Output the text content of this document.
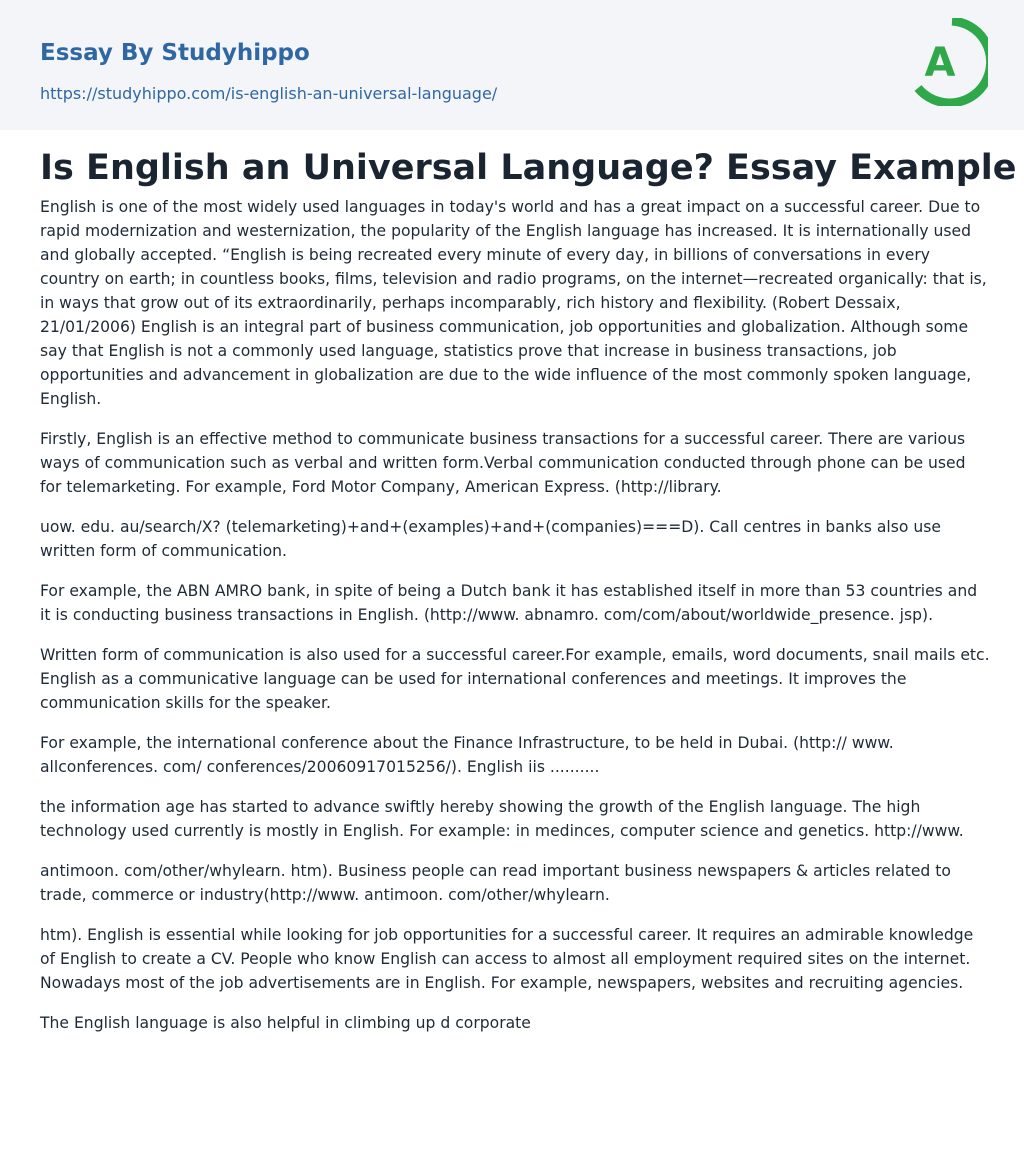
Essay By Studyhippo
https://studyhippo.com/is-english-an-universal-language/
A
Is English an Universal Language? Essay Example

English is one of the most widely used languages in today's world and has a great impact on a successful career. Due to rapid modernization and westernization, the popularity of the English language has increased. It is internationally used and globally accepted. “English is being recreated every minute of every day, in billions of conversations in every country on earth; in countless books, films, television and radio programs, on the internet—recreated organically: that is, in ways that grow out of its extraordinarily, perhaps incomparably, rich history and flexibility. (Robert Dessaix, 21/01/2006) English is an integral part of business communication, job opportunities and globalization. Although some say that English is not a commonly used language, statistics prove that increase in business transactions, job opportunities and advancement in globalization are due to the wide influence of the most commonly spoken language, English.

Firstly, English is an effective method to communicate business transactions for a successful career. There are various ways of communication such as verbal and written form.Verbal communication conducted through phone can be used for telemarketing. For example, Ford Motor Company, American Express. (http://library.

uow. edu. au/search/X? (telemarketing)+and+(examples)+and+(companies)===D). Call centres in banks also use written form of communication.

For example, the ABN AMRO bank, in spite of being a Dutch bank it has established itself in more than 53 countries and it is conducting business transactions in English. (http://www. abnamro. com/com/about/worldwide_presence. jsp).

Written form of communication is also used for a successful career.For example, emails, word documents, snail mails etc. English as a communicative language can be used for international conferences and meetings. It improves the communication skills for the speaker.

For example, the international conference about the Finance Infrastructure, to be held in Dubai. (http:// www. allconferences. com/ conferences/20060917015256/). English iis ..........

the information age has started to advance swiftly hereby showing the growth of the English language. The high technology used currently is mostly in English. For example: in medinces, computer science and genetics. http://www.

antimoon. com/other/whylearn. htm). Business people can read important business newspapers & articles related to trade, commerce or industry(http://www. antimoon. com/other/whylearn.

htm). English is essential while looking for job opportunities for a successful career. It requires an admirable knowledge of English to create a CV. People who know English can access to almost all employment required sites on the internet. Nowadays most of the job advertisements are in English. For example, newspapers, websites and recruiting agencies.

The English language is also helpful in climbing up d corporate
